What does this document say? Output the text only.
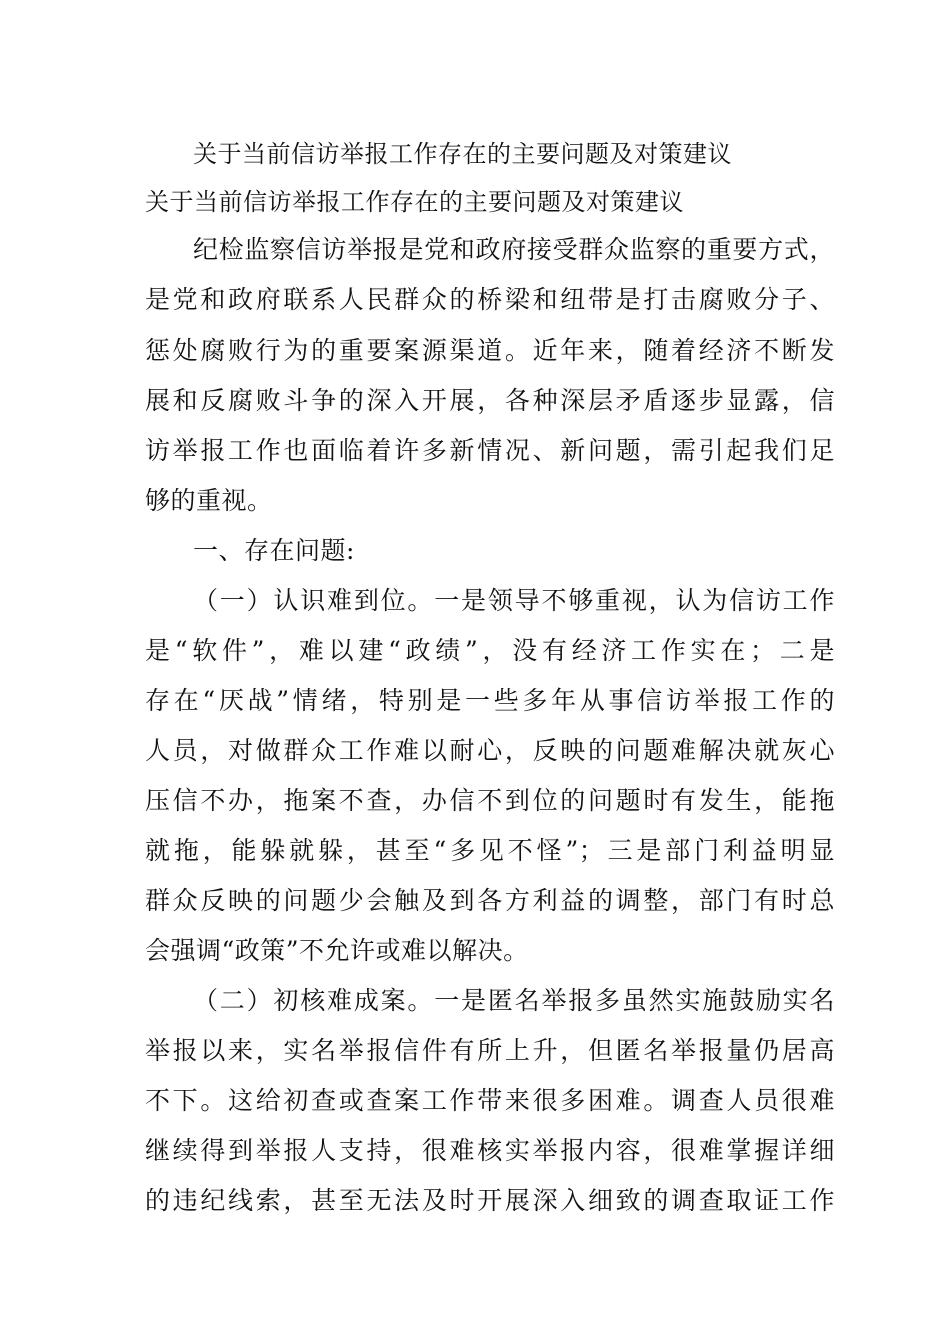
关于当前信访举报工作存在的主要问题及对策建议
关于当前信访举报工作存在的主要问题及对策建议
纪检监察信访举报是党和政府接受群众监察的重要方式，
是党和政府联系人民群众的桥梁和纽带是打击腐败分子、
惩处腐败行为的重要案源渠道。近年来，随着经济不断发
展和反腐败斗争的深入开展，各种深层矛盾逐步显露，信
访举报工作也面临着许多新情况、新问题，需引起我们足
够的重视。
一、存在问题:
（一）认识难到位。一是领导不够重视，认为信访工作
是“软件”，难以建“政绩”，没有经济工作实在；二是
存在“厌战”情绪，特别是一些多年从事信访举报工作的
人员，对做群众工作难以耐心，反映的问题难解决就灰心
压信不办，拖案不查，办信不到位的问题时有发生，能拖
就拖，能躲就躲，甚至“多见不怪”；三是部门利益明显
群众反映的问题少会触及到各方利益的调整，部门有时总
会强调“政策”不允许或难以解决。
（二）初核难成案。一是匿名举报多虽然实施鼓励实名
举报以来，实名举报信件有所上升，但匿名举报量仍居高
不下。这给初查或查案工作带来很多困难。调查人员很难
继续得到举报人支持，很难核实举报内容，很难掌握详细
的违纪线索，甚至无法及时开展深入细致的调查取证工作
